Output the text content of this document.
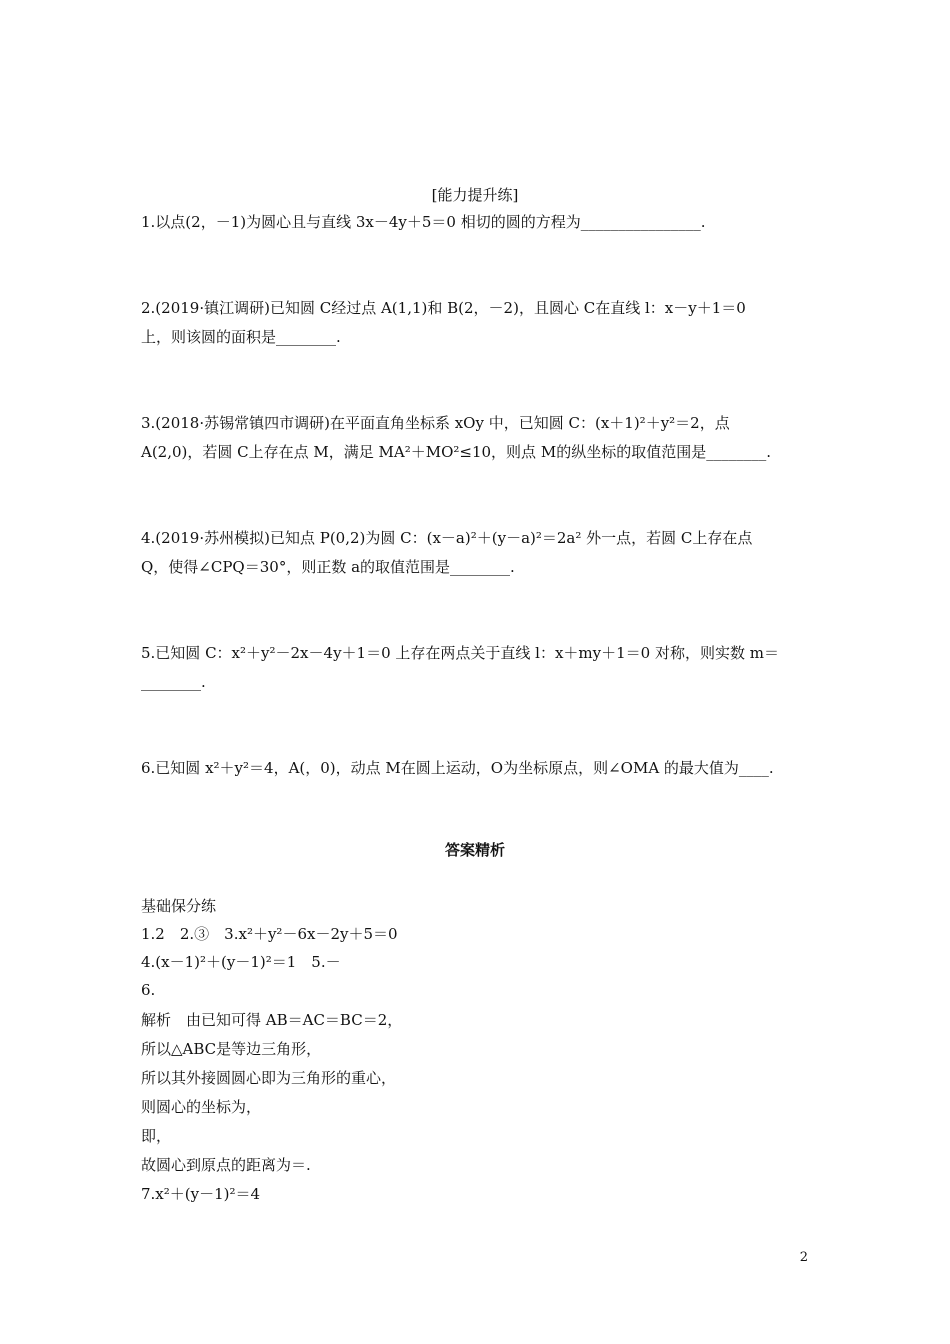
[能力提升练]
1.以点(2，－1)为圆心且与直线 3x－4y＋5＝0 相切的圆的方程为________________.
2.(2019·镇江调研)已知圆 C经过点 A(1,1)和 B(2，－2)，且圆心 C在直线 l：x－y＋1＝0
上，则该圆的面积是________.
3.(2018·苏锡常镇四市调研)在平面直角坐标系 xOy 中，已知圆 C：(x＋1)²＋y²＝2，点
A(2,0)，若圆 C上存在点 M，满足 MA²＋MO²≤10，则点 M的纵坐标的取值范围是________.
4.(2019·苏州模拟)已知点 P(0,2)为圆 C：(x－a)²＋(y－a)²＝2a² 外一点，若圆 C上存在点
Q，使得∠CPQ＝30°，则正数 a的取值范围是________.
5.已知圆 C：x²＋y²－2x－4y＋1＝0 上存在两点关于直线 l：x＋my＋1＝0 对称，则实数 m＝
________.
6.已知圆 x²＋y²＝4，A(，0)，动点 M在圆上运动，O为坐标原点，则∠OMA 的最大值为____.
答案精析
基础保分练
1.2　2.③　3.x²＋y²－6x－2y＋5＝0
4.(x－1)²＋(y－1)²＝1　5.－
6.
解析　由已知可得 AB＝AC＝BC＝2，
所以△ABC是等边三角形，
所以其外接圆圆心即为三角形的重心，
则圆心的坐标为，
即，
故圆心到原点的距离为＝.
7.x²＋(y－1)²＝4
2
